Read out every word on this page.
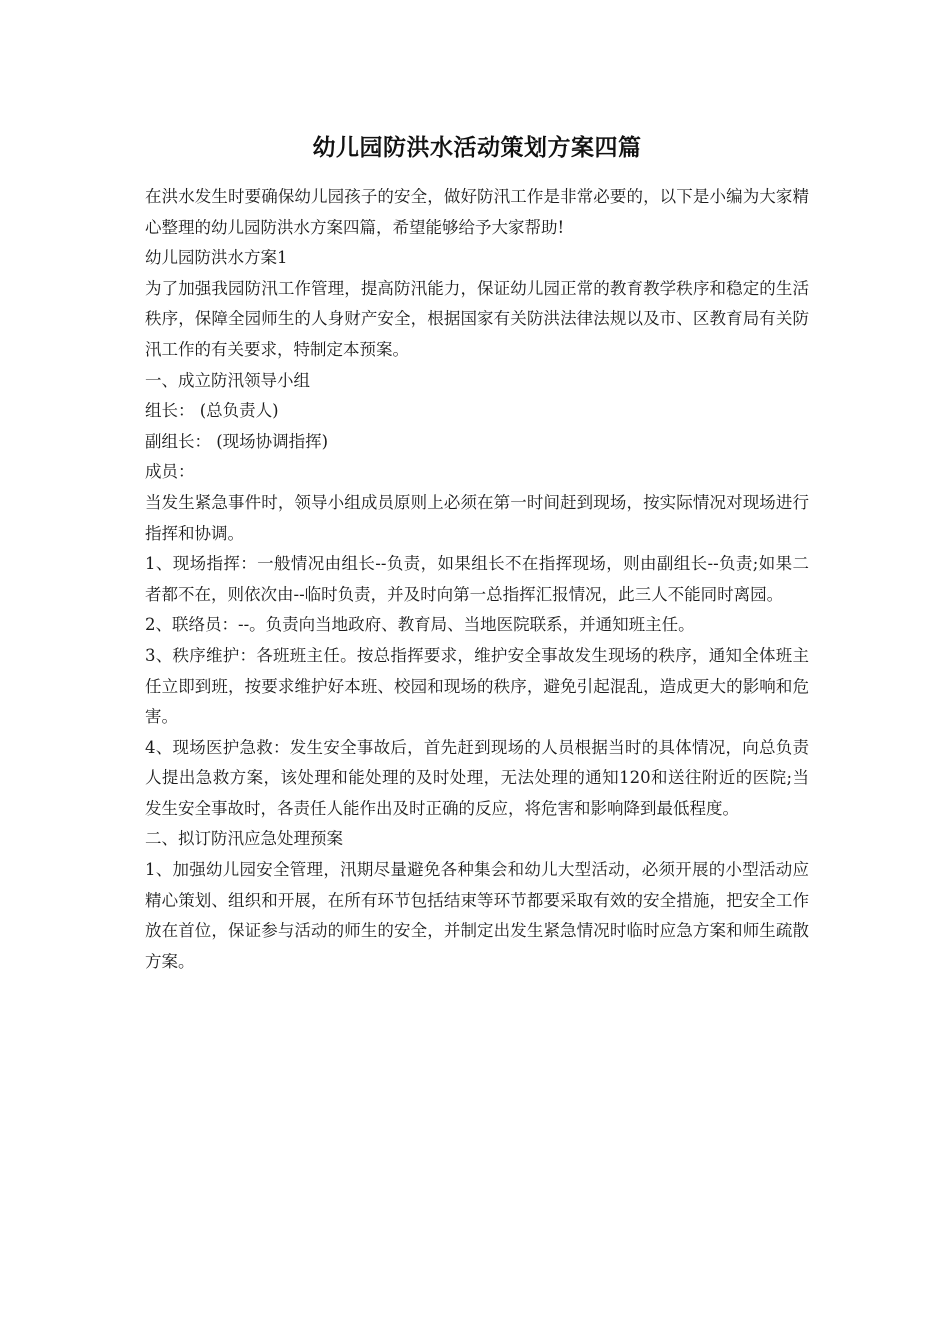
幼儿园防洪水活动策划方案四篇

在洪水发生时要确保幼儿园孩子的安全，做好防汛工作是非常必要的，以下是小编为大家精心整理的幼儿园防洪水方案四篇，希望能够给予大家帮助!

幼儿园防洪水方案1

为了加强我园防汛工作管理，提高防汛能力，保证幼儿园正常的教育教学秩序和稳定的生活秩序，保障全园师生的人身财产安全，根据国家有关防洪法律法规以及市、区教育局有关防汛工作的有关要求，特制定本预案。

一、成立防汛领导小组

组长： (总负责人)

副组长： (现场协调指挥)

成员：

当发生紧急事件时，领导小组成员原则上必须在第一时间赶到现场，按实际情况对现场进行指挥和协调。

1、现场指挥：一般情况由组长--负责，如果组长不在指挥现场，则由副组长--负责;如果二者都不在，则依次由--临时负责，并及时向第一总指挥汇报情况，此三人不能同时离园。

2、联络员：--。负责向当地政府、教育局、当地医院联系，并通知班主任。

3、秩序维护：各班班主任。按总指挥要求，维护安全事故发生现场的秩序，通知全体班主任立即到班，按要求维护好本班、校园和现场的秩序，避免引起混乱，造成更大的影响和危害。

4、现场医护急救：发生安全事故后，首先赶到现场的人员根据当时的具体情况，向总负责人提出急救方案，该处理和能处理的及时处理，无法处理的通知120和送往附近的医院;当发生安全事故时，各责任人能作出及时正确的反应，将危害和影响降到最低程度。

二、拟订防汛应急处理预案

1、加强幼儿园安全管理，汛期尽量避免各种集会和幼儿大型活动，必须开展的小型活动应精心策划、组织和开展，在所有环节包括结束等环节都要采取有效的安全措施，把安全工作放在首位，保证参与活动的师生的安全，并制定出发生紧急情况时临时应急方案和师生疏散方案。
